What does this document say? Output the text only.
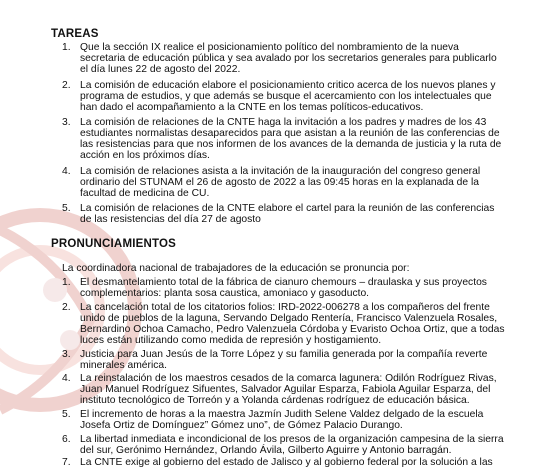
TAREAS
1. Que la sección IX realice el posicionamiento político del nombramiento de la nueva
secretaria de educación pública y sea avalado por los secretarios generales para publicarlo
el día lunes 22 de agosto del 2022.
2. La comisión de educación elabore el posicionamiento critico acerca de los nuevos planes y
programa de estudios, y que además se busque el acercamiento con los intelectuales que
han dado el acompañamiento a la CNTE en los temas políticos-educativos.
3. La comisión de relaciones de la CNTE haga la invitación a los padres y madres de los 43
estudiantes normalistas desaparecidos para que asistan a la reunión de las conferencias de
las resistencias para que nos informen de los avances de la demanda de justicia y la ruta de
acción en los próximos días.
4. La comisión de relaciones asista a la invitación de la inauguración del congreso general
ordinario del STUNAM el 26 de agosto de 2022 a las 09:45 horas en la explanada de la
facultad de medicina de CU.
5. La comisión de relaciones de la CNTE elabore el cartel para la reunión de las conferencias
de las resistencias del día 27 de agosto
PRONUNCIAMIENTOS
La coordinadora nacional de trabajadores de la educación se pronuncia por:
1. El desmantelamiento total de la fábrica de cianuro chemours – draulaska y sus proyectos
complementarios: planta sosa caustica, amoniaco y gasoducto.
2. La cancelación total de los citatorios folios: IRD-2022-006278 a los compañeros del frente
unido de pueblos de la laguna, Servando Delgado Rentería, Francisco Valenzuela Rosales,
Bernardino Ochoa Camacho, Pedro Valenzuela Córdoba y Evaristo Ochoa Ortiz, que a todas
luces están utilizando como medida de represión y hostigamiento.
3. Justicia para Juan Jesús de la Torre López y su familia generada por la compañía reverte
minerales américa.
4. La reinstalación de los maestros cesados de la comarca lagunera: Odilón Rodríguez Rivas,
Juan Manuel Rodríguez Sifuentes, Salvador Aguilar Esparza, Fabiola Aguilar Esparza, del
instituto tecnológico de Torreón y a Yolanda cárdenas rodríguez de educación básica.
5. El incremento de horas a la maestra Jazmín Judith Selene Valdez delgado de la escuela
Josefa Ortiz de Domínguez” Gómez uno”, de Gómez Palacio Durango.
6. La libertad inmediata e incondicional de los presos de la organización campesina de la sierra
del sur, Gerónimo Hernández, Orlando Ávila, Gilberto Aguirre y Antonio barragán.
7. La CNTE exige al gobierno del estado de Jalisco y al gobierno federal por la solución a las
